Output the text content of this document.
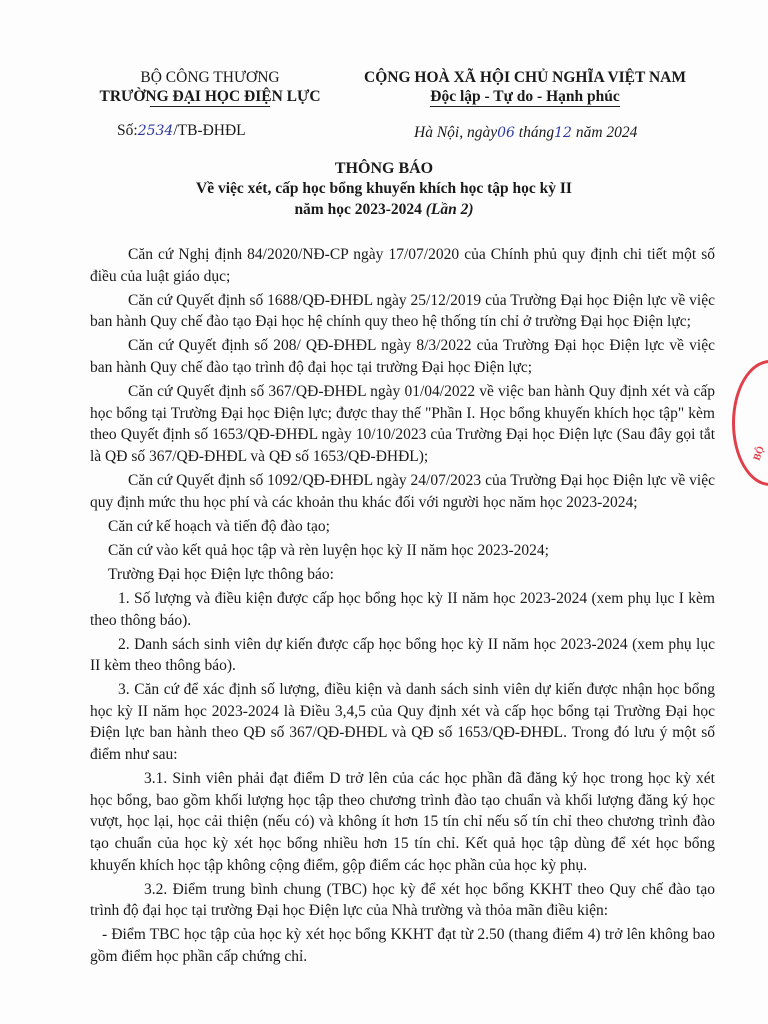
BỘ CÔNG THƯƠNG
TRƯỜNG ĐẠI HỌC ĐIỆN LỰC
CỘNG HOÀ XÃ HỘI CHỦ NGHĨA VIỆT NAM
Độc lập - Tự do - Hạnh phúc
Số:2534/TB-ĐHĐL	Hà Nội, ngày06 tháng12 năm 2024
THÔNG BÁO
Về việc xét, cấp học bổng khuyến khích học tập học kỳ II
năm học 2023-2024 (Lần 2)

Căn cứ Nghị định 84/2020/NĐ-CP ngày 17/07/2020 của Chính phủ quy định chi tiết một số điều của luật giáo dục;

Căn cứ Quyết định số 1688/QĐ-ĐHĐL ngày 25/12/2019 của Trường Đại học Điện lực về việc ban hành Quy chế đào tạo Đại học hệ chính quy theo hệ thống tín chỉ ở trường Đại học Điện lực;

Căn cứ Quyết định số 208/ QĐ-ĐHĐL ngày 8/3/2022 của Trường Đại học Điện lực về việc ban hành Quy chế đào tạo trình độ đại học tại trường Đại học Điện lực;

Căn cứ Quyết định số 367/QĐ-ĐHĐL ngày 01/04/2022 về việc ban hành Quy định xét và cấp học bổng tại Trường Đại học Điện lực; được thay thế "Phần I. Học bổng khuyến khích học tập" kèm theo Quyết định số 1653/QĐ-ĐHĐL ngày 10/10/2023 của Trường Đại học Điện lực (Sau đây gọi tắt là QĐ số 367/QĐ-ĐHĐL và QĐ số 1653/QĐ-ĐHĐL);

Căn cứ Quyết định số 1092/QĐ-ĐHĐL ngày 24/07/2023 của Trường Đại học Điện lực về việc quy định mức thu học phí và các khoản thu khác đối với người học năm học 2023-2024;

Căn cứ kế hoạch và tiến độ đào tạo;

Căn cứ vào kết quả học tập và rèn luyện học kỳ II năm học 2023-2024;

Trường Đại học Điện lực thông báo:

1. Số lượng và điều kiện được cấp học bổng học kỳ II năm học 2023-2024 (xem phụ lục I kèm theo thông báo).

2. Danh sách sinh viên dự kiến được cấp học bổng học kỳ II năm học 2023-2024 (xem phụ lục II kèm theo thông báo).

3. Căn cứ để xác định số lượng, điều kiện và danh sách sinh viên dự kiến được nhận học bổng học kỳ II năm học 2023-2024 là Điều 3,4,5 của Quy định xét và cấp học bổng tại Trường Đại học Điện lực ban hành theo QĐ số 367/QĐ-ĐHĐL và QĐ số 1653/QĐ-ĐHĐL. Trong đó lưu ý một số điểm như sau:

3.1. Sinh viên phải đạt điểm D trở lên của các học phần đã đăng ký học trong học kỳ xét học bổng, bao gồm khối lượng học tập theo chương trình đào tạo chuẩn và khối lượng đăng ký học vượt, học lại, học cải thiện (nếu có) và không ít hơn 15 tín chỉ nếu số tín chỉ theo chương trình đào tạo chuẩn của học kỳ xét học bổng nhiều hơn 15 tín chỉ. Kết quả học tập dùng để xét học bổng khuyến khích học tập không cộng điểm, gộp điểm các học phần của học kỳ phụ.

3.2. Điểm trung bình chung (TBC) học kỳ để xét học bổng KKHT theo Quy chế đào tạo trình độ đại học tại trường Đại học Điện lực của Nhà trường và thỏa mãn điều kiện:

- Điểm TBC học tập của học kỳ xét học bổng KKHT đạt từ 2.50 (thang điểm 4) trở lên không bao gồm điểm học phần cấp chứng chỉ.

BỘ
